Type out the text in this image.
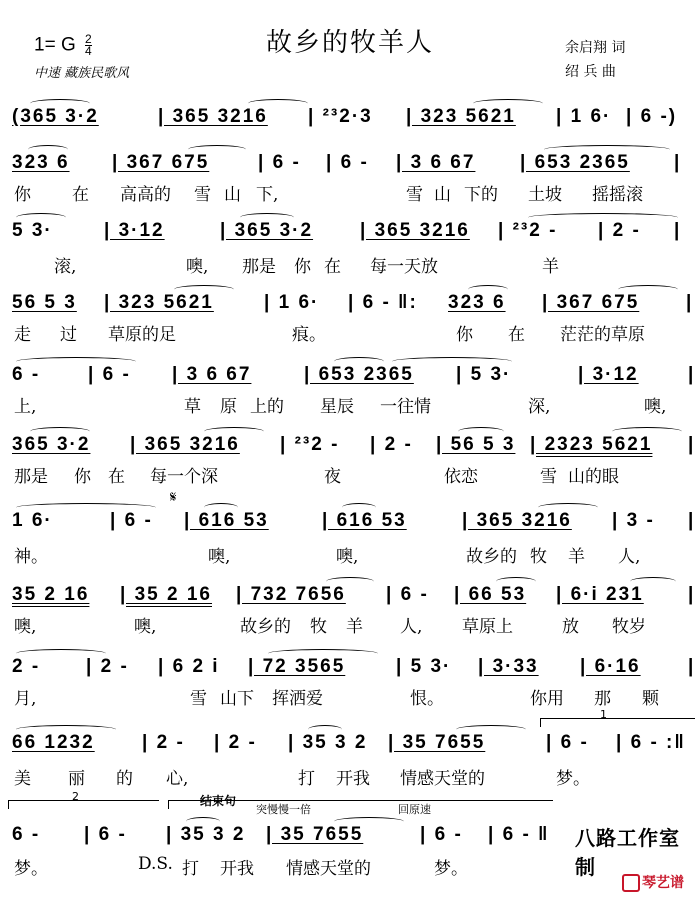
故乡的牧羊人
1= G $\frac{2}{4}$
中速 藏族民歌风
余启翔 词
绍 兵 曲
(365 3·2	| 365 3216 | ²³2·3 | 323 5621 | 1 6· | 6 -)
323 6 | 367 675	| 6 - | 6 - | 3 6 67 | 653 2365 |
你 在 高高的 雪 山 下,	雪 山 下的 土坡 摇摇滚
5 3·	| 3·12	| 365 3·2 | 365 3216 | ²³2 - | 2 - |
滚,	噢, 那是 你 在 每一天放	羊
56 5 3 | 323 5621	| 1 6· | 6 - ‖: 323 6 | 367 675 |
走 过 草原的足	痕。	你 在 茫茫的草原
6 -	| 6 - | 3 6 67	| 653 2365 | 5 3·	| 3·12	|
上,	草 原 上的 星辰 一往情	深,	噢,
365 3·2 | 365 3216 | ²³2 - | 2 - | 56 5 3 | 2323 5621 |
那是 你 在 每一个深	夜	依恋	雪 山的眼
𝄋
1 6·	| 6 - | 616 53	| 616 53	| 365 3216 | 3 - |
神。	噢,	噢,	故乡的 牧 羊 人,
35 2 16 | 35 2 16 | 732 7656 | 6 - | 66 53 | 6·i 231 |
噢,	噢,	故乡的 牧 羊 人, 草原上	放 牧岁
2 - | 2 - | 6 2 i | 72 3565	| 5 3· | 3·33 | 6·16 |
月,	雪 山下 挥洒爱	恨。	你用 那 颗
1
66 1232 | 2 - | 2 - | 35 3 2 | 35 7655	| 6 - | 6 - :‖
美 丽 的 心,	打 开我 情感天堂的	梦。
2	结束句
突慢慢一倍	回原速
6 - | 6 - | 35 3 2 | 35 7655	| 6 - | 6 - ‖
梦。	D.S. 打 开我 情感天堂的	梦。
八路工作室 制
琴艺谱
